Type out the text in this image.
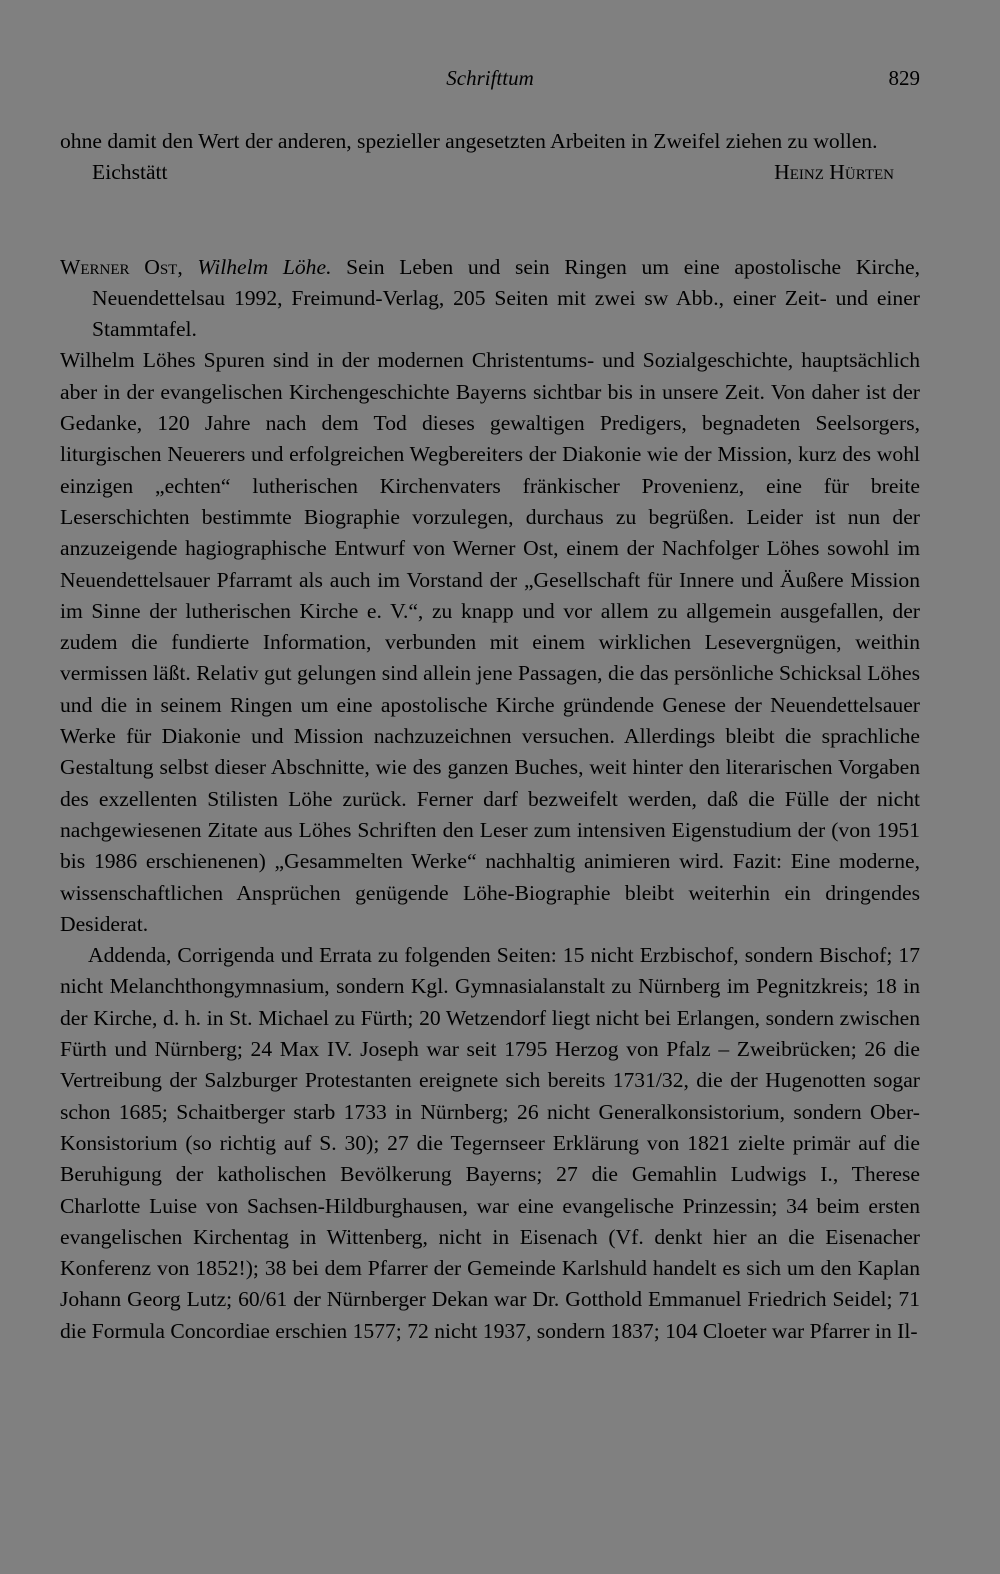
Schrifttum	829

ohne damit den Wert der anderen, spezieller angesetzten Arbeiten in Zweifel ziehen zu wollen.

Eichstätt	Heinz Hürten

Werner Ost, Wilhelm Löhe. Sein Leben und sein Ringen um eine apostolische Kirche, Neuendettelsau 1992, Freimund-Verlag, 205 Seiten mit zwei sw Abb., einer Zeit- und einer Stammtafel.

Wilhelm Löhes Spuren sind in der modernen Christentums- und Sozialgeschichte, hauptsächlich aber in der evangelischen Kirchengeschichte Bayerns sichtbar bis in unsere Zeit. Von daher ist der Gedanke, 120 Jahre nach dem Tod dieses gewaltigen Predigers, begnadeten Seelsorgers, liturgischen Neuerers und erfolgreichen Wegbereiters der Diakonie wie der Mission, kurz des wohl einzigen „echten“ lutherischen Kirchenvaters fränkischer Provenienz, eine für breite Leserschichten bestimmte Biographie vorzulegen, durchaus zu begrüßen. Leider ist nun der anzuzeigende hagiographische Entwurf von Werner Ost, einem der Nachfolger Löhes sowohl im Neuendettelsauer Pfarramt als auch im Vorstand der „Gesellschaft für Innere und Äußere Mission im Sinne der lutherischen Kirche e. V.“, zu knapp und vor allem zu allgemein ausgefallen, der zudem die fundierte Information, verbunden mit einem wirklichen Lesevergnügen, weithin vermissen läßt. Relativ gut gelungen sind allein jene Passagen, die das persönliche Schicksal Löhes und die in seinem Ringen um eine apostolische Kirche gründende Genese der Neuendettelsauer Werke für Diakonie und Mission nachzuzeichnen versuchen. Allerdings bleibt die sprachliche Gestaltung selbst dieser Abschnitte, wie des ganzen Buches, weit hinter den literarischen Vorgaben des exzellenten Stilisten Löhe zurück. Ferner darf bezweifelt werden, daß die Fülle der nicht nachgewiesenen Zitate aus Löhes Schriften den Leser zum intensiven Eigenstudium der (von 1951 bis 1986 erschienenen) „Gesammelten Werke“ nachhaltig animieren wird. Fazit: Eine moderne, wissenschaftlichen Ansprüchen genügende Löhe-Biographie bleibt weiterhin ein dringendes Desiderat.

Addenda, Corrigenda und Errata zu folgenden Seiten: 15 nicht Erzbischof, sondern Bischof; 17 nicht Melanchthongymnasium, sondern Kgl. Gymnasialanstalt zu Nürnberg im Pegnitzkreis; 18 in der Kirche, d. h. in St. Michael zu Fürth; 20 Wetzendorf liegt nicht bei Erlangen, sondern zwischen Fürth und Nürnberg; 24 Max IV. Joseph war seit 1795 Herzog von Pfalz – Zweibrücken; 26 die Vertreibung der Salzburger Protestanten ereignete sich bereits 1731/32, die der Hugenotten sogar schon 1685; Schaitberger starb 1733 in Nürnberg; 26 nicht Generalkonsistorium, sondern Ober-Konsistorium (so richtig auf S. 30); 27 die Tegernseer Erklärung von 1821 zielte primär auf die Beruhigung der katholischen Bevölkerung Bayerns; 27 die Gemahlin Ludwigs I., Therese Charlotte Luise von Sachsen-Hildburghausen, war eine evangelische Prinzessin; 34 beim ersten evangelischen Kirchentag in Wittenberg, nicht in Eisenach (Vf. denkt hier an die Eisenacher Konferenz von 1852!); 38 bei dem Pfarrer der Gemeinde Karlshuld handelt es sich um den Kaplan Johann Georg Lutz; 60/61 der Nürnberger Dekan war Dr. Gotthold Emmanuel Friedrich Seidel; 71 die Formula Concordiae erschien 1577; 72 nicht 1937, sondern 1837; 104 Cloeter war Pfarrer in Il-
